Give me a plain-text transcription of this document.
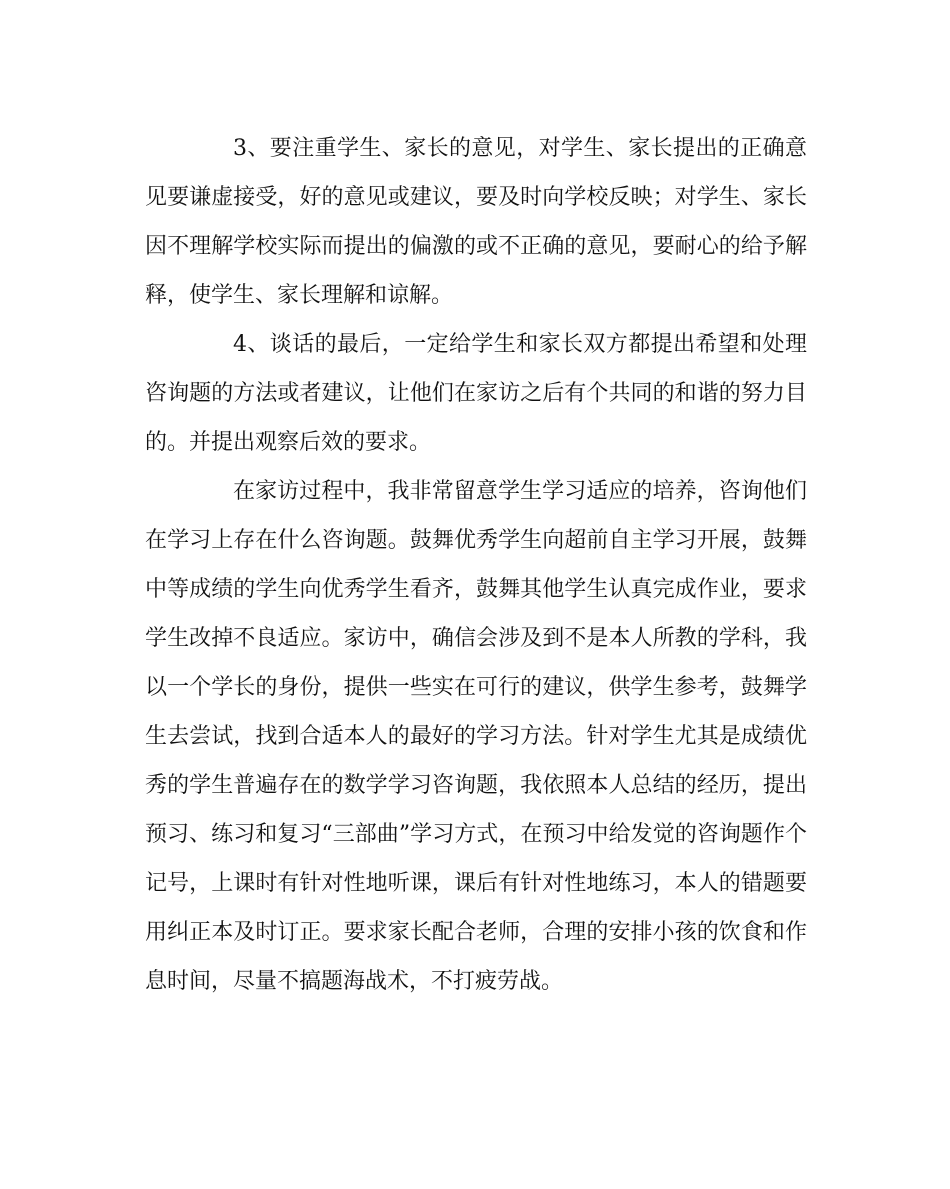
3、要注重学生、家长的意见，对学生、家长提出的正确意见要谦虚接受，好的意见或建议，要及时向学校反映；对学生、家长因不理解学校实际而提出的偏激的或不正确的意见，要耐心的给予解释，使学生、家长理解和谅解。

4、谈话的最后，一定给学生和家长双方都提出希望和处理咨询题的方法或者建议，让他们在家访之后有个共同的和谐的努力目的。并提出观察后效的要求。

在家访过程中，我非常留意学生学习适应的培养，咨询他们在学习上存在什么咨询题。鼓舞优秀学生向超前自主学习开展，鼓舞中等成绩的学生向优秀学生看齐，鼓舞其他学生认真完成作业，要求学生改掉不良适应。家访中，确信会涉及到不是本人所教的学科，我以一个学长的身份，提供一些实在可行的建议，供学生参考，鼓舞学生去尝试，找到合适本人的最好的学习方法。针对学生尤其是成绩优秀的学生普遍存在的数学学习咨询题，我依照本人总结的经历，提出预习、练习和复习“三部曲”学习方式，在预习中给发觉的咨询题作个记号，上课时有针对性地听课，课后有针对性地练习，本人的错题要用纠正本及时订正。要求家长配合老师，合理的安排小孩的饮食和作息时间，尽量不搞题海战术，不打疲劳战。
